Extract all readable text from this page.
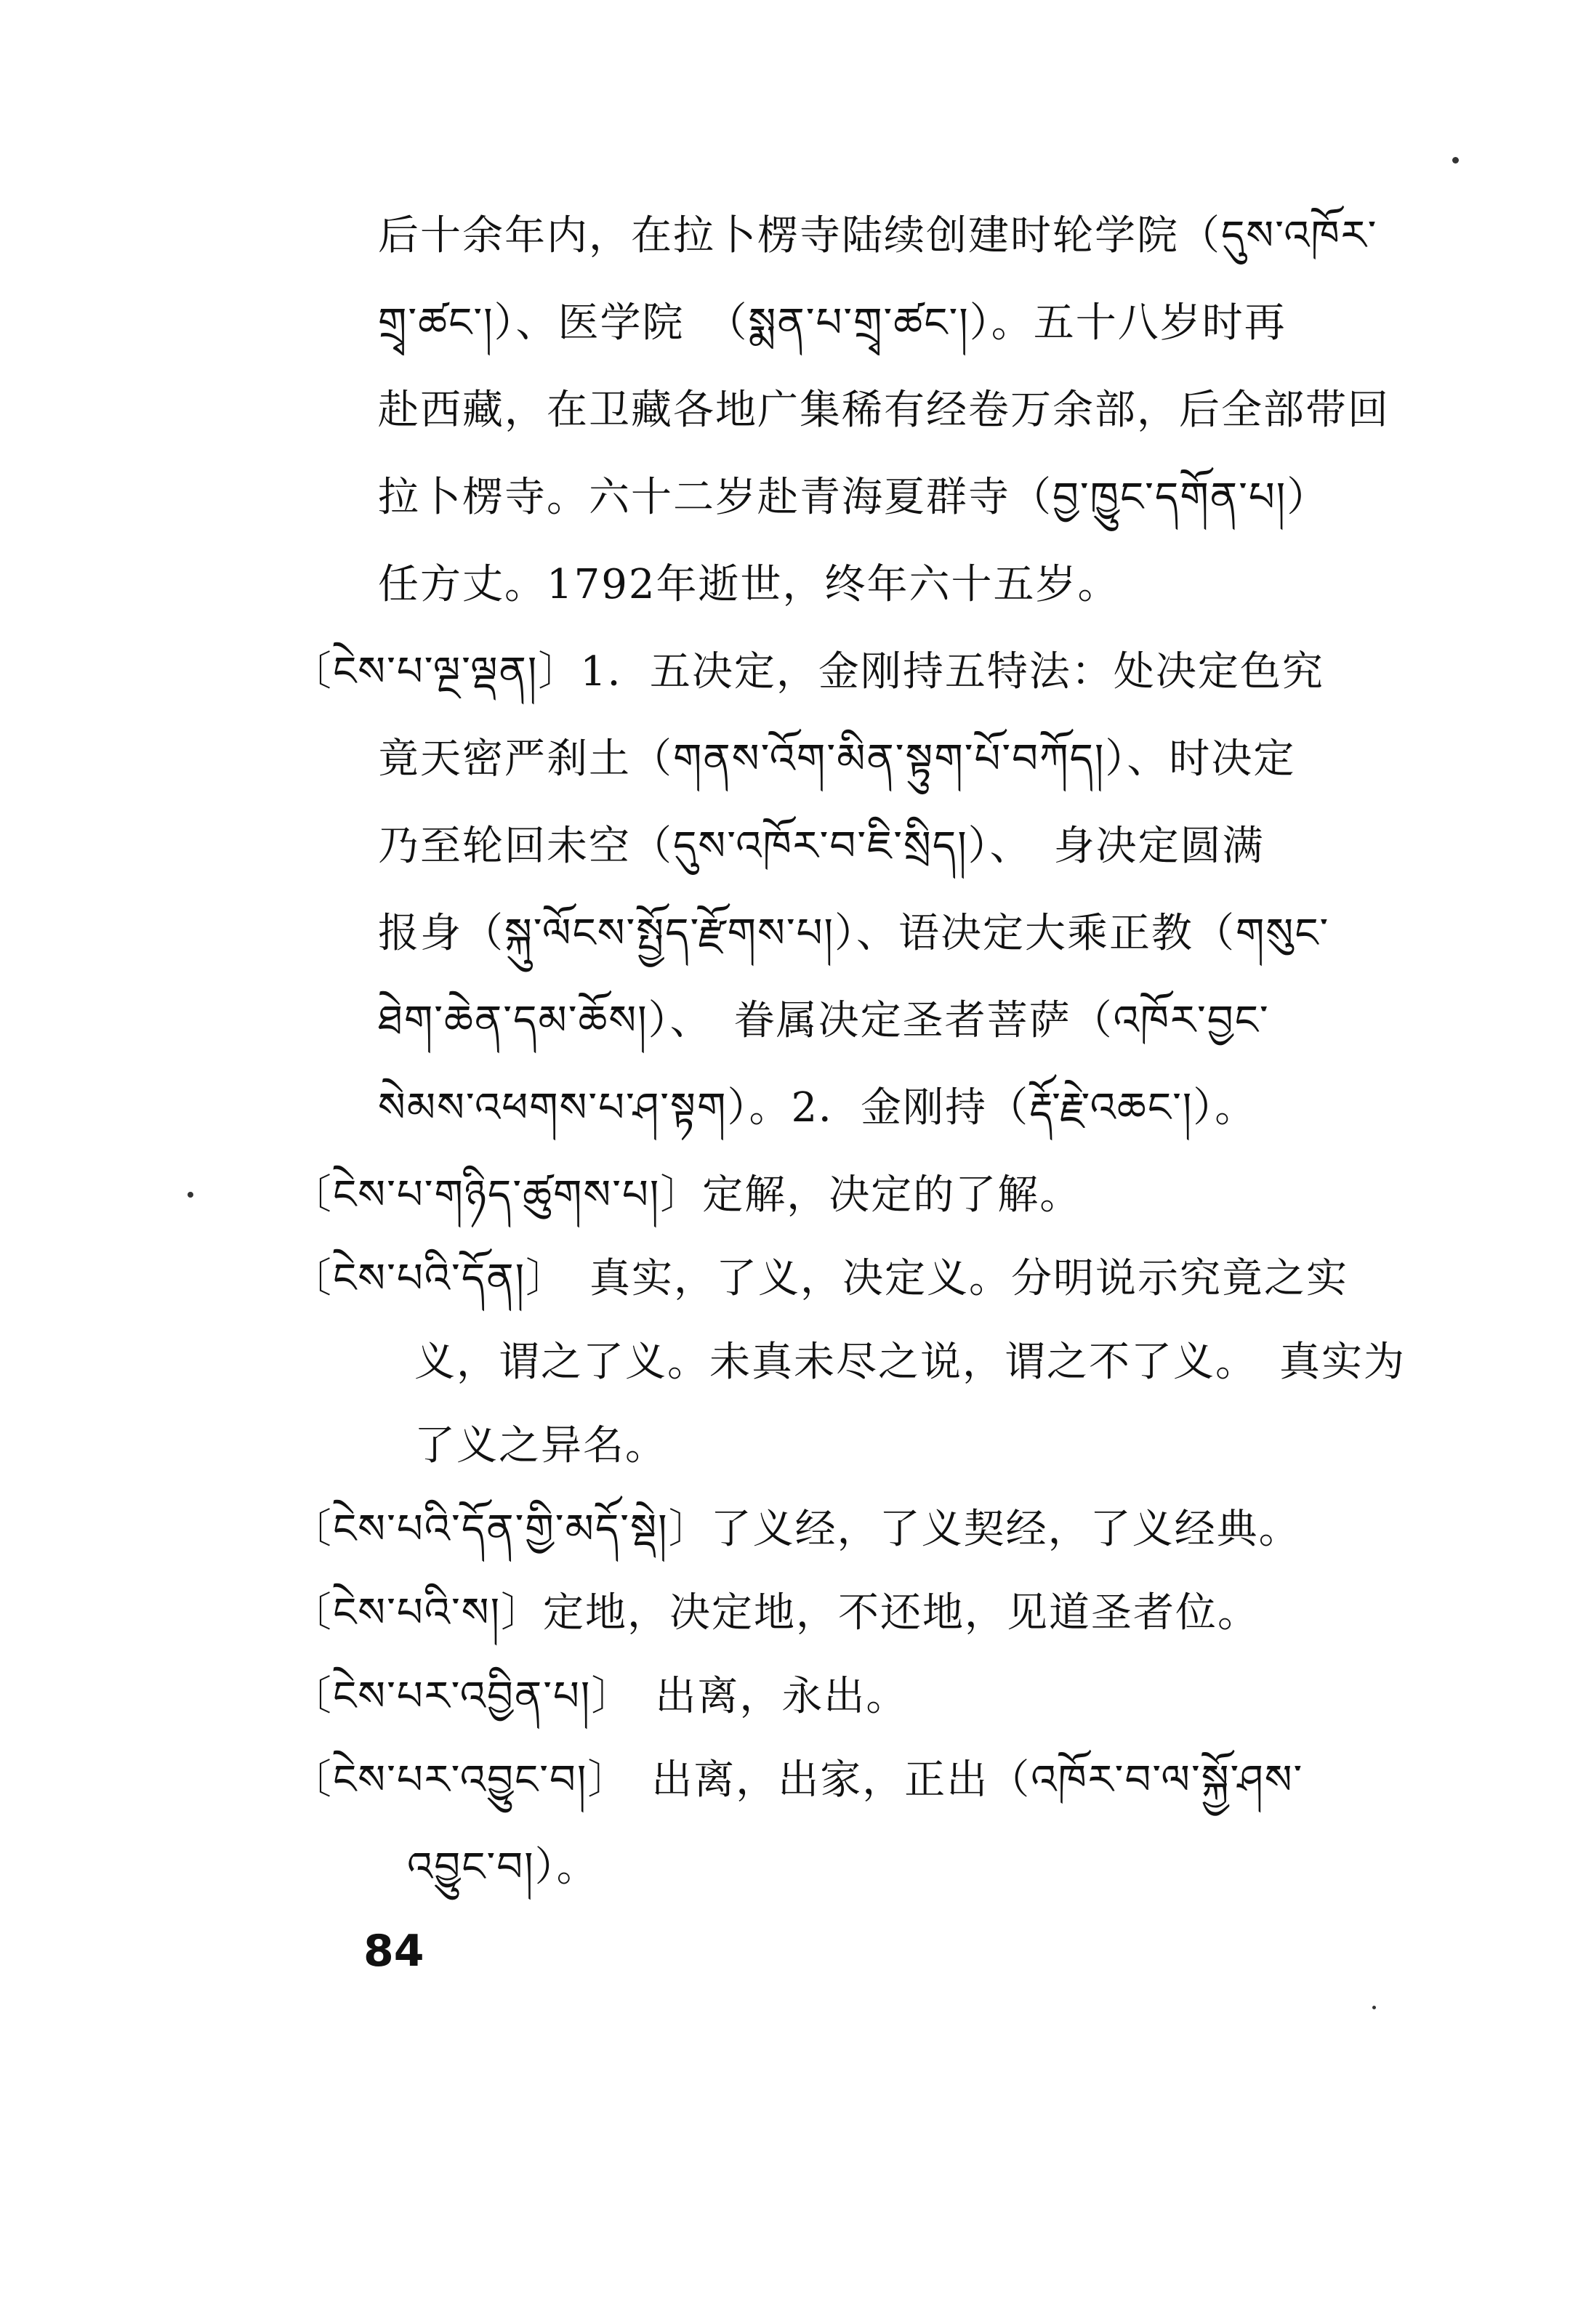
后十余年内，在拉卜楞寺陆续创建时轮学院（དུས་འཁོར་
གྲྭ་ཚང་།）、医学院　（སྨན་པ་གྲྭ་ཚང་།）。五十八岁时再
赴西藏，在卫藏各地广集稀有经卷万余部，后全部带回
拉卜楞寺。六十二岁赴青海夏群寺（བྱ་ཁྱུང་དགོན་པ།）
任方丈。1792年逝世，终年六十五岁。
〔ངེས་པ་ལྔ་ལྡན།〕1．五决定，金刚持五特法：处决定色究
竟天密严刹土（གནས་འོག་མིན་སྟུག་པོ་བཀོད།）、时决定
乃至轮回未空（དུས་འཁོར་བ་ཇི་སྲིད།）、　身决定圆满
报身（སྐུ་ལོངས་སྤྱོད་རྫོགས་པ།）、语决定大乘正教（གསུང་
ཐེག་ཆེན་དམ་ཆོས།）、　眷属决定圣者菩萨（འཁོར་བྱང་
སེམས་འཕགས་པ་ཤ་སྟག）。2．金刚持（རྡོ་རྗེ་འཆང་།）。
〔ངེས་པ་གཉིད་ཚུགས་པ།〕定解，决定的了解。
〔ངེས་པའི་དོན།〕　真实，了义，决定义。分明说示究竟之实
义，谓之了义。未真未尽之说，谓之不了义。　真实为
了义之异名。
〔ངེས་པའི་དོན་གྱི་མདོ་སྡེ།〕了义经，了义契经，了义经典。
〔ངེས་པའི་ས།〕定地，决定地，不还地，见道圣者位。
〔ངེས་པར་འབྱིན་པ།〕　出离，永出。
〔ངེས་པར་འབྱུང་བ།〕　出离，出家，正出（འཁོར་བ་ལ་སྐྱོ་ཤས་
འབྱུང་བ།）。
84
